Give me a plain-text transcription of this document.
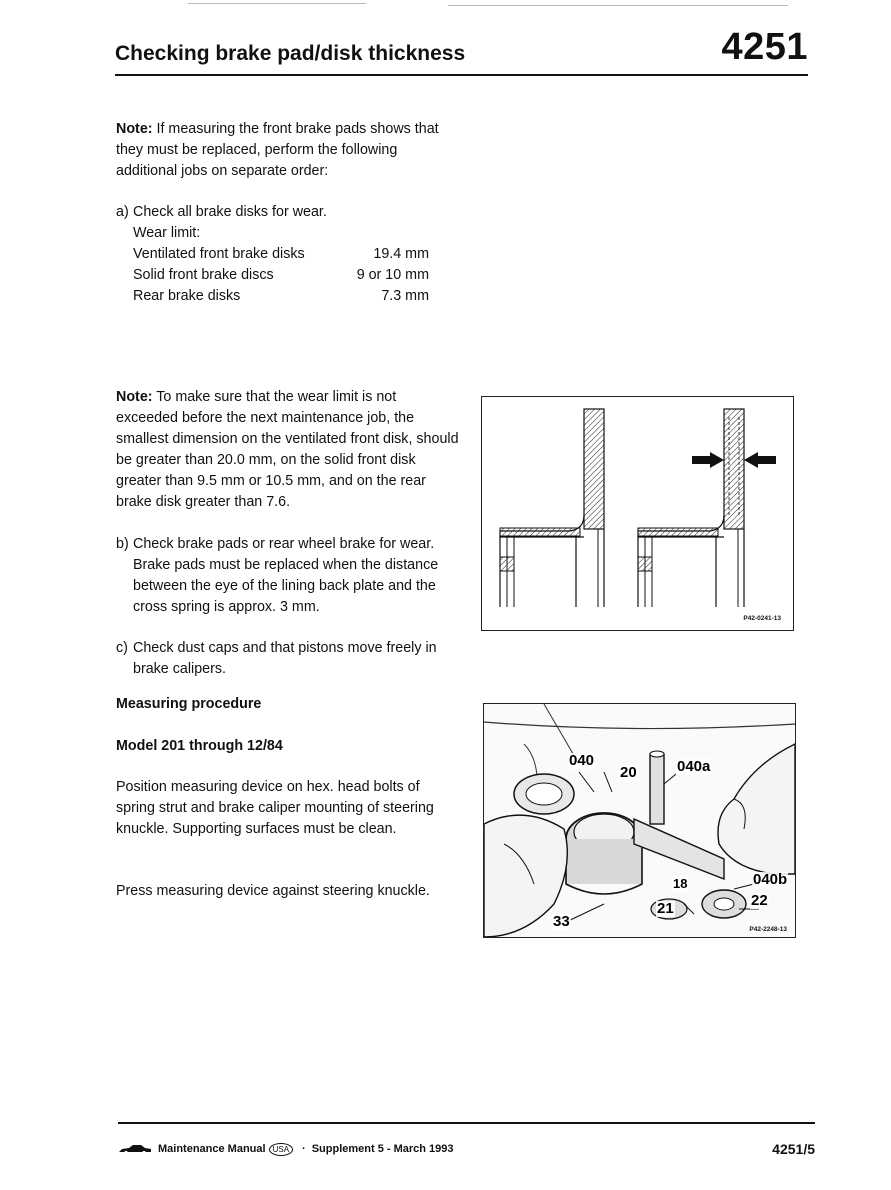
Checking brake pad/disk thickness	4251
Note: If measuring the front brake pads shows that they must be replaced, perform the following additional jobs on separate order:
a) Check all brake disks for wear.
Wear limit:
Ventilated front brake disks	19.4 mm
Solid front brake discs	9 or 10 mm
Rear brake disks	7.3 mm
Note: To make sure that the wear limit is not exceeded before the next maintenance job, the smallest dimension on the ventilated front disk, should be greater than 20.0 mm, on the solid front disk greater than 9.5 mm or 10.5 mm, and on the rear brake disk greater than 7.6.
b) Check brake pads or rear wheel brake for wear. Brake pads must be replaced when the distance between the eye of the lining back plate and the cross spring is approx. 3 mm.
c) Check dust caps and that pistons move freely in brake calipers.
Measuring procedure
Model 201 through 12/84
Position measuring device on hex. head bolts of spring strut and brake caliper mounting of steering knuckle. Supporting surfaces must be clean.
Press measuring device against steering knuckle.
P42-0241-13
040
20	040a
18	040b
22
21
33	P42-2248-13
Maintenance Manual USA	· Supplement 5 - March 1993	4251/5
